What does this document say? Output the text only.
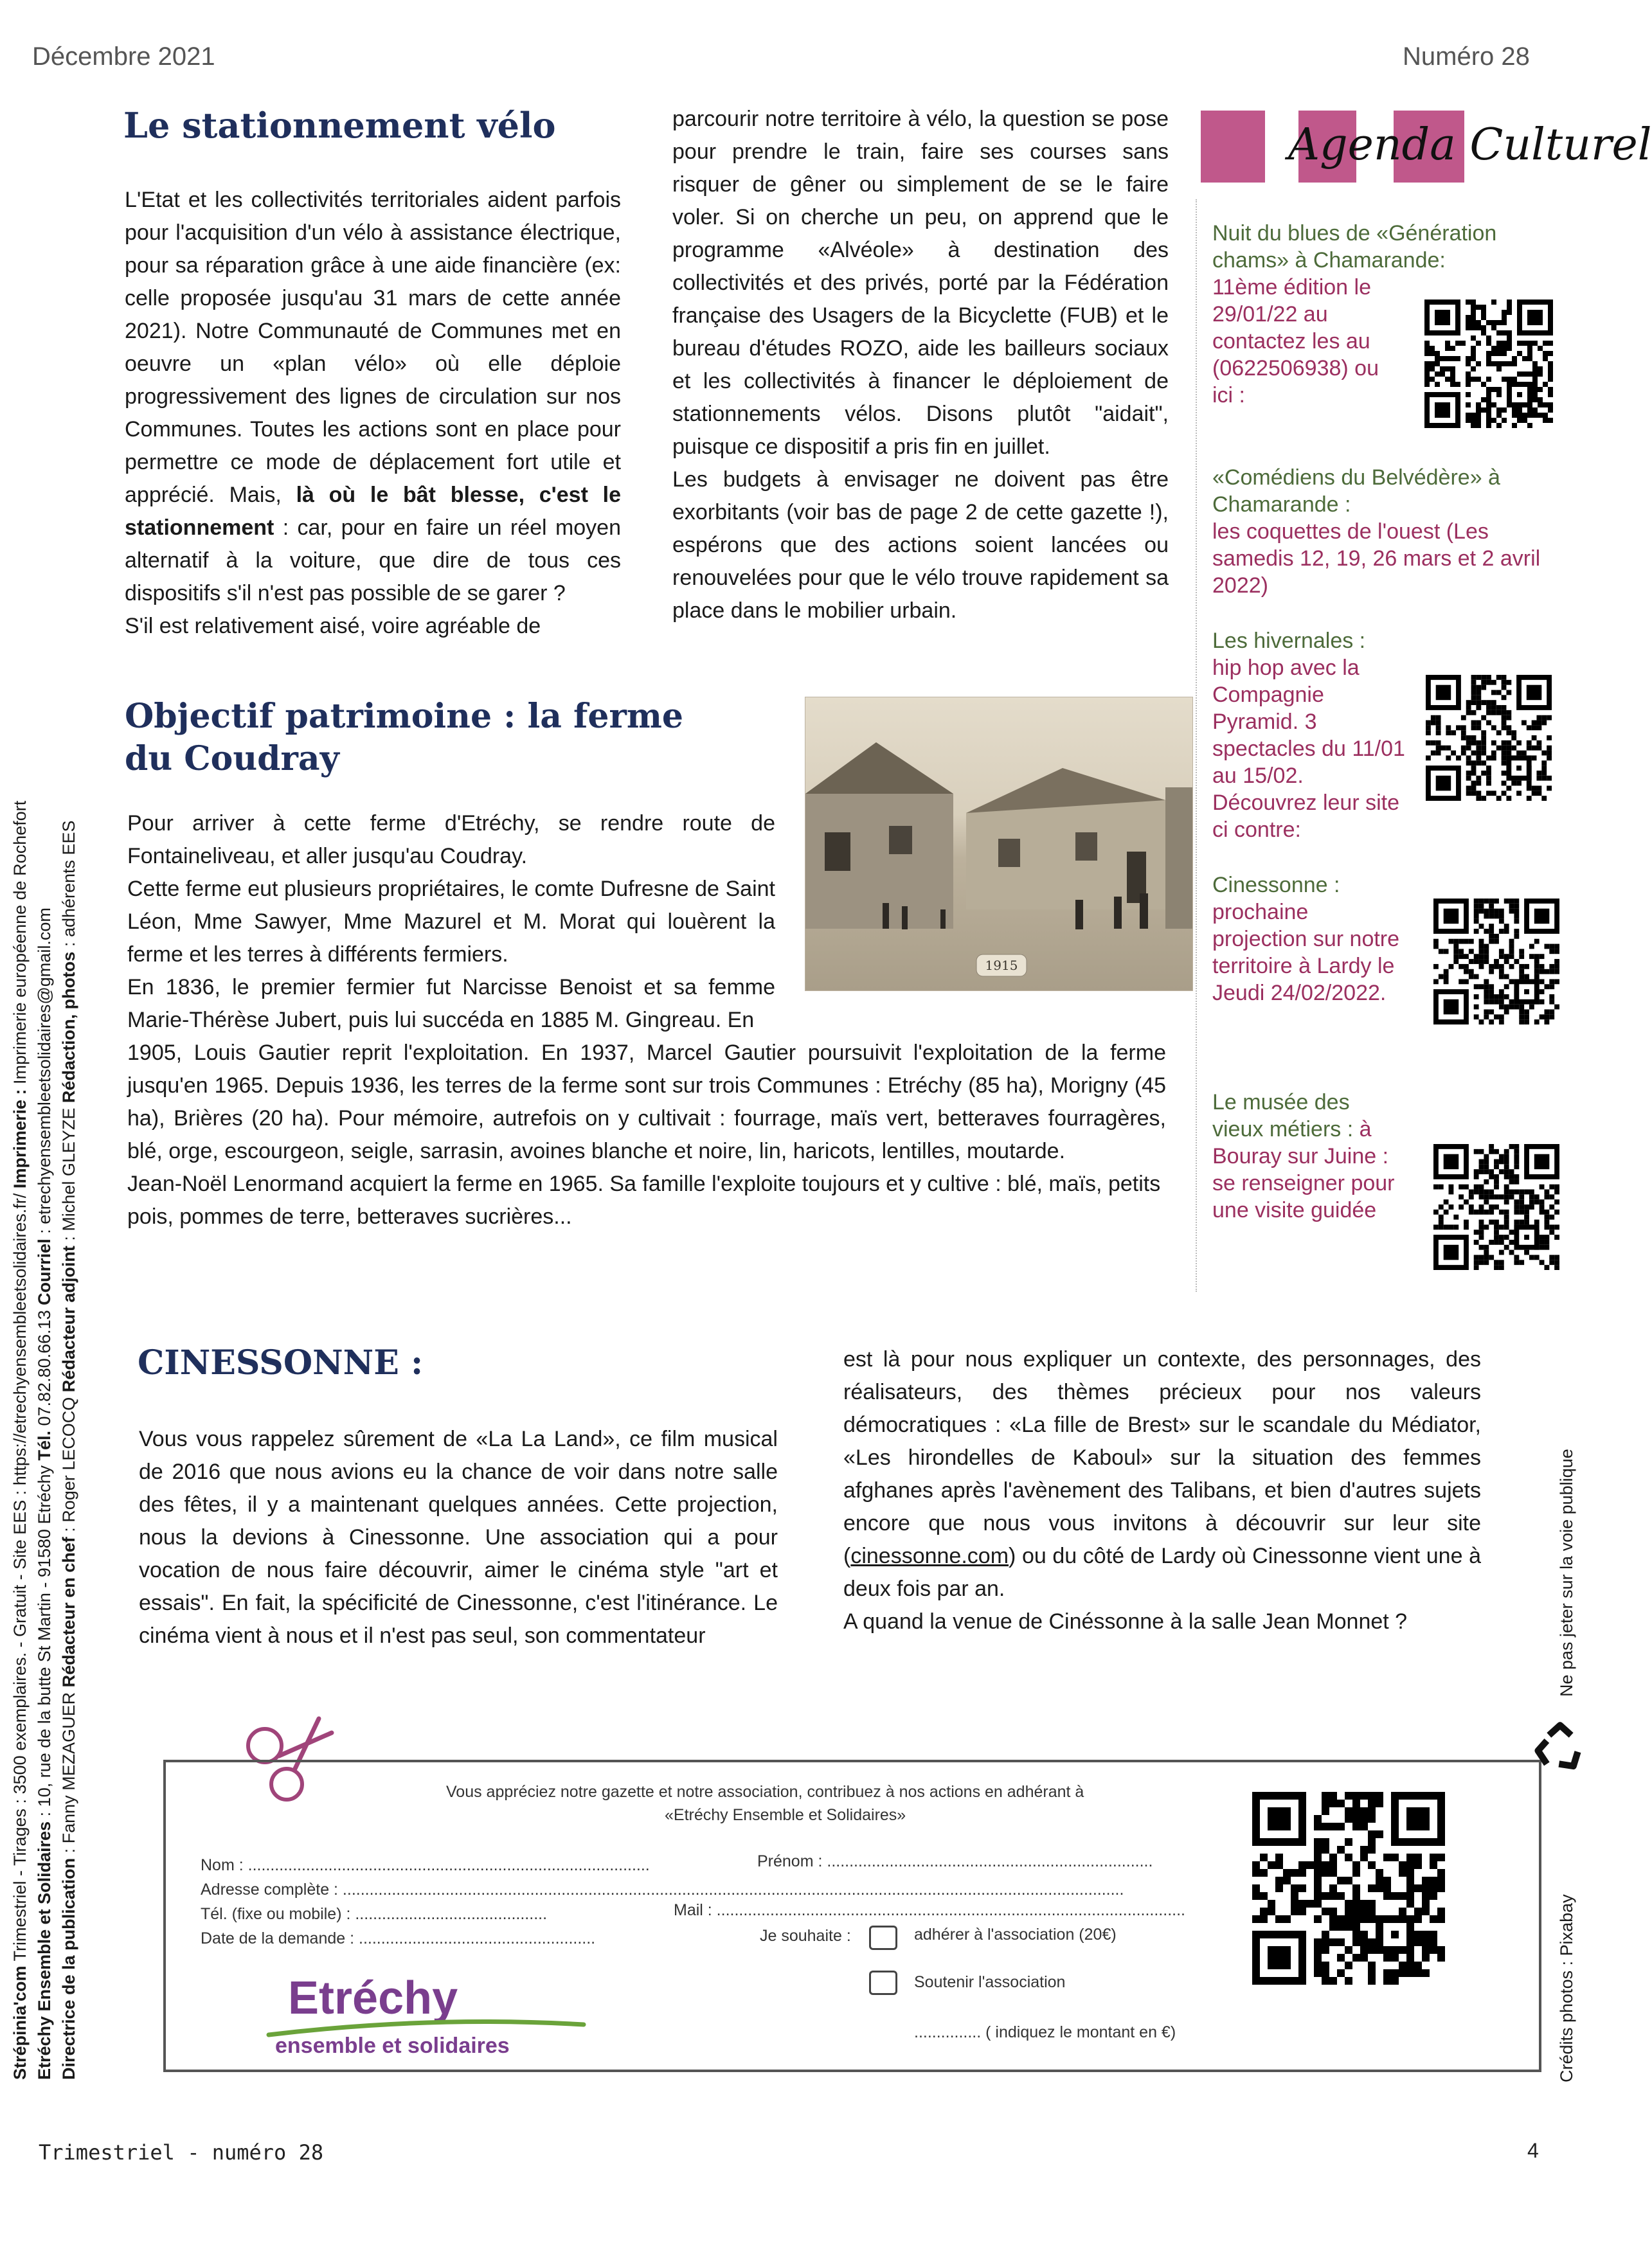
Décembre 2021	Numéro 28
Le stationnement vélo

L'Etat et les collectivités territoriales aident parfois pour l'acquisition d'un vélo à assistance électrique, pour sa réparation grâce à une aide financière (ex: celle proposée jusqu'au 31 mars de cette année 2021). Notre Communauté de Communes met en oeuvre un «plan vélo» où elle déploie progressivement des lignes de circulation sur nos Communes. Toutes les actions sont en place pour permettre ce mode de déplacement fort utile et apprécié. Mais, là où le bât blesse, c'est le stationnement : car, pour en faire un réel moyen alternatif à la voiture, que dire de tous ces dispositifs s'il n'est pas possible de se garer ?

S'il est relativement aisé, voire agréable de

parcourir notre territoire à vélo, la question se pose pour prendre le train, faire ses courses sans risquer de gêner ou simplement de se le faire voler. Si on cherche un peu, on apprend que le programme «Alvéole» à destination des collectivités et des privés, porté par la Fédération française des Usagers de la Bicyclette (FUB) et le bureau d'études ROZO, aide les bailleurs sociaux et les collectivités à financer le déploiement de stationnements vélos. Disons plutôt "aidait", puisque ce dispositif a pris fin en juillet.

Les budgets à envisager ne doivent pas être exorbitants (voir bas de page 2 de cette gazette !), espérons que des actions soient lancées ou renouvelées pour que le vélo trouve rapidement sa place dans le mobilier urbain.

Agenda Culturel
Nuit du blues de «Génération chams» à Chamarande:
11ème édition le 29/01/22 au contactez les au (0622506938) ou ici :
«Comédiens du Belvédère» à Chamarande :
les coquettes de l'ouest (Les samedis 12, 19, 26 mars et 2 avril 2022)
Les hivernales :
hip hop avec la Compagnie Pyramid. 3 spectacles du 11/01 au 15/02. Découvrez leur site ci contre:
Cinessonne :
prochaine projection sur notre territoire à Lardy le Jeudi 24/02/2022.
Le musée des vieux métiers : à Bouray sur Juine : se renseigner pour une visite guidée
Objectif patrimoine : la ferme
du Coudray
1915

Pour arriver à cette ferme d'Etréchy, se rendre route de Fontaineliveau, et aller jusqu'au Coudray.

Cette ferme eut plusieurs propriétaires, le comte Dufresne de Saint Léon, Mme Sawyer, Mme Mazurel et M. Morat qui louèrent la ferme et les terres à différents fermiers.

En 1836, le premier fermier fut Narcisse Benoist et sa femme Marie-Thérèse Jubert, puis lui succéda en 1885 M. Gingreau. En

1905, Louis Gautier reprit l'exploitation. En 1937, Marcel Gautier poursuivit l'exploitation de la ferme jusqu'en 1965. Depuis 1936, les terres de la ferme sont sur trois Communes : Etréchy (85 ha), Morigny (45 ha), Brières (20 ha). Pour mémoire, autrefois on y cultivait : fourrage, maïs vert, betteraves fourragères, blé, orge, escourgeon, seigle, sarrasin, avoines blanche et noire, lin, haricots, lentilles, moutarde.

Jean-Noël Lenormand acquiert la ferme en 1965. Sa famille l'exploite toujours et y cultive : blé, maïs, petits pois, pommes de terre, betteraves sucrières...

CINESSONNE :
Vous vous rappelez sûrement de «La La Land», ce film musical de 2016 que nous avions eu la chance de voir dans notre salle des fêtes, il y a maintenant quelques années. Cette projection, nous la devions à Cinessonne. Une association qui a pour vocation de nous faire découvrir, aimer le cinéma style "art et essais". En fait, la spécificité de Cinessonne, c'est l'itinérance. Le cinéma vient à nous et il n'est pas seul, son commentateur

est là pour nous expliquer un contexte, des personnages, des réalisateurs, des thèmes précieux pour nos valeurs démocratiques : «La fille de Brest» sur le scandale du Médiator, «Les hirondelles de Kaboul» sur la situation des femmes afghanes après l'avènement des Talibans, et bien d'autres sujets encore que nous vous invitons à découvrir sur leur site (cinessonne.com) ou du côté de Lardy où Cinessonne vient une à deux fois par an.

A quand la venue de Cinéssonne à la salle Jean Monnet ?

Vous appréciez notre gazette et notre association, contribuez à nos actions en adhérant à
«Etréchy Ensemble et Solidaires»
Nom : ..........................................................................................	Prénom : .........................................................................
Adresse complète : ...............................................................................................................................................................................
Tél. (fixe ou mobile) : ...........................................	Mail : .........................................................................................................
Date de la demande : .....................................................	Je souhaite :	adhérer à l'association (20€)
Soutenir l'association
............... ( indiquez le montant en €)
Etréchy
ensemble et solidaires
Strépinia'com Trimestriel - Tirages : 3500 exemplaires. - Gratuit - Site EES : https://etrechyensembleetsolidaires.fr/ Imprimerie : Imprimerie européenne de Rochefort
Etréchy Ensemble et Solidaires : 10, rue de la butte St Martin - 91580 Etréchy Tél. 07.82.80.66.13 Courriel : etrechyensembleetsolidaires@gmail.com
Directrice de la publication : Fanny MEZAGUER Rédacteur en chef : Roger LECOCQ Rédacteur adjoint : Michel GLEYZE Rédaction, photos : adhérents EES
Ne pas jeter sur la voie publique
Crédits photos : Pixabay
Trimestriel - numéro 28	4
